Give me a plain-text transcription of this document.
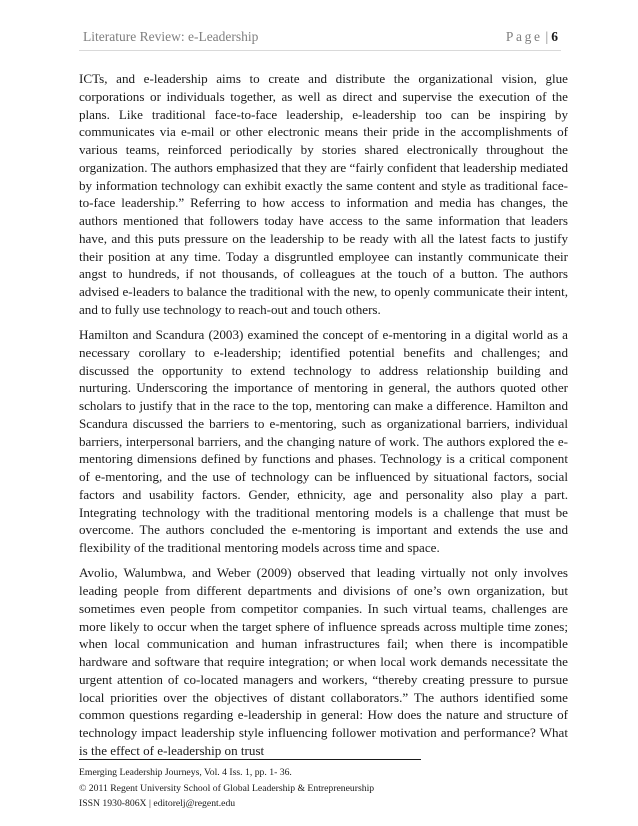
Literature Review: e-Leadership	Page | 6

ICTs, and e-leadership aims to create and distribute the organizational vision, glue corporations or individuals together, as well as direct and supervise the execution of the plans. Like traditional face-to-face leadership, e-leadership too can be inspiring by communicates via e-mail or other electronic means their pride in the accomplishments of various teams, reinforced periodically by stories shared electronically throughout the organization. The authors emphasized that they are “fairly confident that leadership mediated by information technology can exhibit exactly the same content and style as traditional face-to-face leadership.” Referring to how access to information and media has changes, the authors mentioned that followers today have access to the same information that leaders have, and this puts pressure on the leadership to be ready with all the latest facts to justify their position at any time. Today a disgruntled employee can instantly communicate their angst to hundreds, if not thousands, of colleagues at the touch of a button. The authors advised e-leaders to balance the traditional with the new, to openly communicate their intent, and to fully use technology to reach-out and touch others.

Hamilton and Scandura (2003) examined the concept of e-mentoring in a digital world as a necessary corollary to e-leadership; identified potential benefits and challenges; and discussed the opportunity to extend technology to address relationship building and nurturing. Underscoring the importance of mentoring in general, the authors quoted other scholars to justify that in the race to the top, mentoring can make a difference. Hamilton and Scandura discussed the barriers to e-mentoring, such as organizational barriers, individual barriers, interpersonal barriers, and the changing nature of work. The authors explored the e-mentoring dimensions defined by functions and phases. Technology is a critical component of e-mentoring, and the use of technology can be influenced by situational factors, social factors and usability factors. Gender, ethnicity, age and personality also play a part. Integrating technology with the traditional mentoring models is a challenge that must be overcome. The authors concluded the e-mentoring is important and extends the use and flexibility of the traditional mentoring models across time and space.

Avolio, Walumbwa, and Weber (2009) observed that leading virtually not only involves leading people from different departments and divisions of one’s own organization, but sometimes even people from competitor companies. In such virtual teams, challenges are more likely to occur when the target sphere of influence spreads across multiple time zones; when local communication and human infrastructures fail; when there is incompatible hardware and software that require integration; or when local work demands necessitate the urgent attention of co-located managers and workers, “thereby creating pressure to pursue local priorities over the objectives of distant collaborators.” The authors identified some common questions regarding e-leadership in general: How does the nature and structure of technology impact leadership style influencing follower motivation and performance? What is the effect of e-leadership on trust

Emerging Leadership Journeys, Vol. 4 Iss. 1, pp. 1- 36.
© 2011 Regent University School of Global Leadership & Entrepreneurship
ISSN 1930-806X | editorelj@regent.edu
